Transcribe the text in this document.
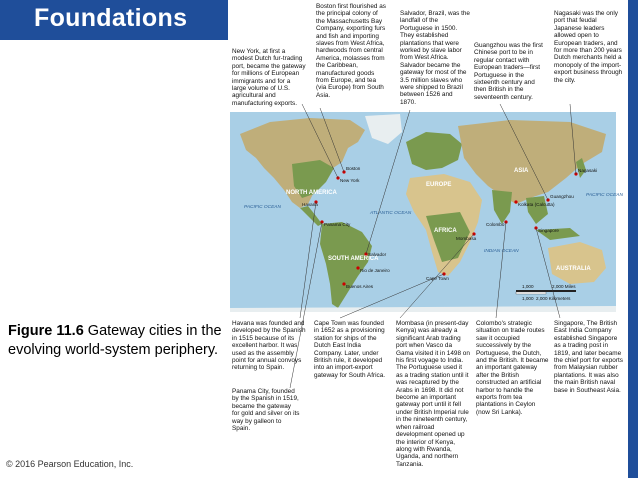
Foundations
New York, at first a modest Dutch fur-trading port, became the gateway for millions of European immigrants and for a large volume of U.S. agricultural and manufacturing exports.
Boston first flourished as the principal colony of the Massachusetts Bay Company, exporting furs and fish and importing slaves from West Africa, hardwoods from central America, molasses from the Caribbean, manufactured goods from Europe, and tea (via Europe) from South Asia.
Salvador, Brazil, was the landfall of the Portuguese in 1500. They established plantations that were worked by slave labor from West Africa. Salvador became the gateway for most of the 3.5 million slaves who were shipped to Brazil between 1526 and 1870.
Guangzhou was the first Chinese port to be in regular contact with European traders—first Portuguese in the sixteenth century and then British in the seventeenth century.
Nagasaki was the only port that feudal Japanese leaders allowed open to European traders, and for more than 200 years Dutch merchants held a monopoly of the import-export business through the city.
NORTH AMERICA
SOUTH AMERICA
EUROPE
ASIA
AFRICA
AUSTRALIA
PACIFIC OCEAN
ATLANTIC OCEAN
INDIAN OCEAN
PACIFIC OCEAN
Boston
New York
Havana
Panama City
Salvador
Rio de Janeiro
Buenos Aires
Cape Town
Mombasa
Kolkata (Calcutta)
Colombo
Guangzhou
Nagasaki
Singapore
1,000	2,000 Miles
1,000 2,000 Kilometers
Havana was founded and developed by the Spanish in 1515 because of its excellent harbor. It was used as the assembly point for annual convoys returning to Spain.
Panama City, founded by the Spanish in 1519, became the gateway for gold and silver on its way by galleon to Spain.
Cape Town was founded in 1652 as a provisioning station for ships of the Dutch East India Company. Later, under British rule, it developed into an import-export gateway for South Africa.
Mombasa (in present-day Kenya) was already a significant Arab trading port when Vasco da Gama visited it in 1498 on his first voyage to India. The Portuguese used it as a trading station until it was recaptured by the Arabs in 1698. It did not become an important gateway port until it fell under British Imperial rule in the nineteenth century, when railroad development opened up the interior of Kenya, along with Rwanda, Uganda, and northern Tanzania.
Colombo's strategic situation on trade routes saw it occupied successively by the Portuguese, the Dutch, and the British. It became an important gateway after the British constructed an artificial harbor to handle the exports from tea plantations in Ceylon (now Sri Lanka).
Singapore, The British East India Company established Singapore as a trading post in 1819, and later became the chief port for exports from Malaysian rubber plantations. It was also the main British naval base in Southeast Asia.
Figure 11.6 Gateway cities in the evolving world-system periphery.
© 2016 Pearson Education, Inc.
